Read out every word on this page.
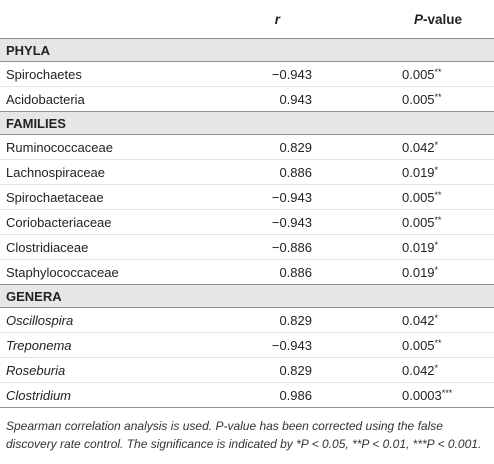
	r	P-value
PHYLA		
Spirochaetes	−0.943	0.005**
Acidobacteria	0.943	0.005**
FAMILIES		
Ruminococcaceae	0.829	0.042*
Lachnospiraceae	0.886	0.019*
Spirochaetaceae	−0.943	0.005**
Coriobacteriaceae	−0.943	0.005**
Clostridiaceae	−0.886	0.019*
Staphylococcaceae	0.886	0.019*
GENERA		
Oscillospira	0.829	0.042*
Treponema	−0.943	0.005**
Roseburia	0.829	0.042*
Clostridium	0.986	0.0003***
Spearman correlation analysis is used. P-value has been corrected using the false discovery rate control. The significance is indicated by *P < 0.05, **P < 0.01, ***P < 0.001.
